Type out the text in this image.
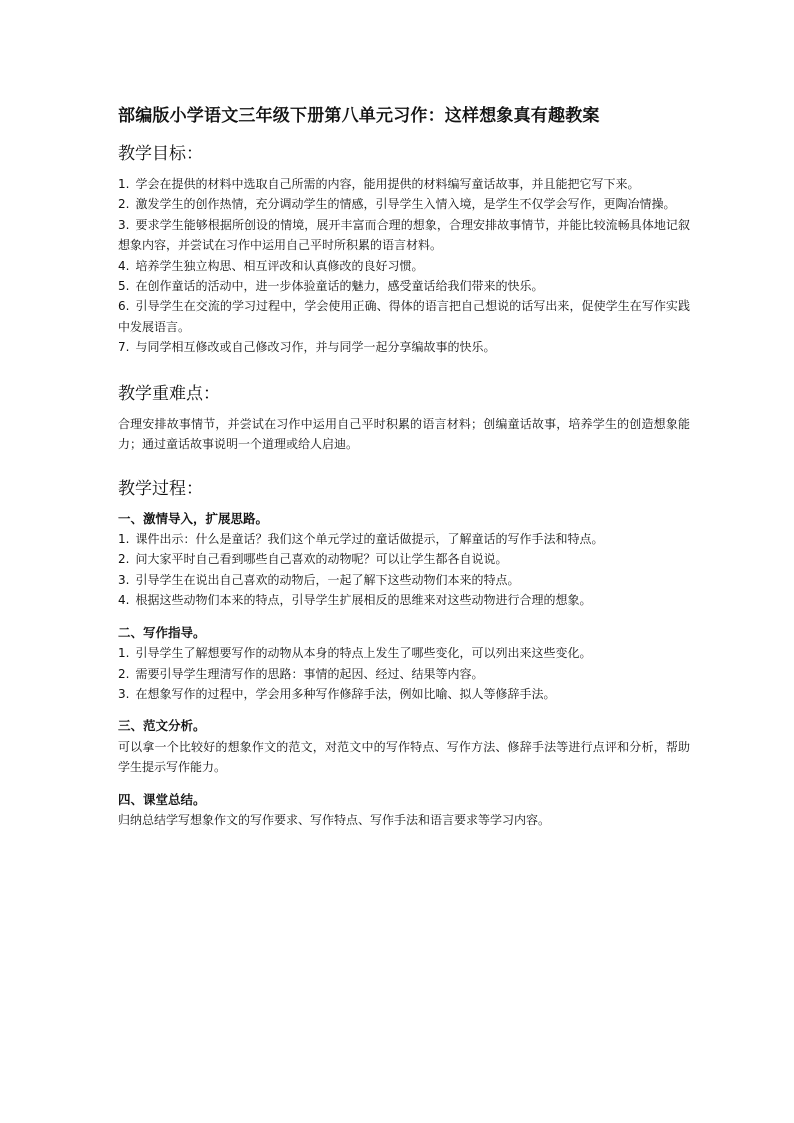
部编版小学语文三年级下册第八单元习作：这样想象真有趣教案
教学目标：
1. 学会在提供的材料中选取自己所需的内容，能用提供的材料编写童话故事，并且能把它写下来。
2. 激发学生的创作热情，充分调动学生的情感，引导学生入情入境，是学生不仅学会写作，更陶冶情操。
3. 要求学生能够根据所创设的情境，展开丰富而合理的想象，合理安排故事情节，并能比较流畅具体地记叙想象内容，并尝试在习作中运用自己平时所积累的语言材料。
4. 培养学生独立构思、相互评改和认真修改的良好习惯。
5. 在创作童话的活动中，进一步体验童话的魅力，感受童话给我们带来的快乐。
6. 引导学生在交流的学习过程中，学会使用正确、得体的语言把自己想说的话写出来，促使学生在写作实践中发展语言。
7. 与同学相互修改或自己修改习作，并与同学一起分享编故事的快乐。
教学重难点：

合理安排故事情节，并尝试在习作中运用自己平时积累的语言材料；创编童话故事，培养学生的创造想象能力；通过童话故事说明一个道理或给人启迪。

教学过程：
一、激情导入，扩展思路。
1. 课件出示：什么是童话？我们这个单元学过的童话做提示，了解童话的写作手法和特点。
2. 问大家平时自己看到哪些自己喜欢的动物呢？可以让学生都各自说说。
3. 引导学生在说出自己喜欢的动物后，一起了解下这些动物们本来的特点。
4. 根据这些动物们本来的特点，引导学生扩展相反的思维来对这些动物进行合理的想象。
二、写作指导。
1. 引导学生了解想要写作的动物从本身的特点上发生了哪些变化，可以列出来这些变化。
2. 需要引导学生理清写作的思路：事情的起因、经过、结果等内容。
3. 在想象写作的过程中，学会用多种写作修辞手法，例如比喻、拟人等修辞手法。
三、范文分析。

可以拿一个比较好的想象作文的范文，对范文中的写作特点、写作方法、修辞手法等进行点评和分析，帮助学生提示写作能力。

四、课堂总结。

归纳总结学写想象作文的写作要求、写作特点、写作手法和语言要求等学习内容。
